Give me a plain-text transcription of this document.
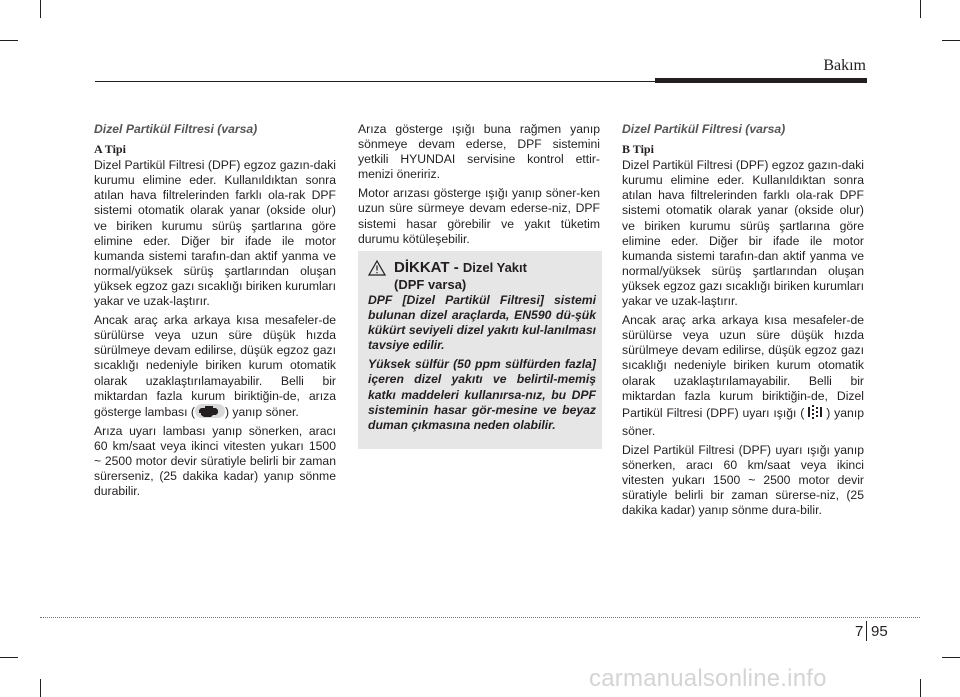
Bakım
Dizel Partikül Filtresi (varsa)
A Tipi

Dizel Partikül Filtresi (DPF) egzoz gazın-daki kurumu elimine eder. Kullanıldıktan sonra atılan hava filtrelerinden farklı ola-rak DPF sistemi otomatik olarak yanar (okside olur) ve biriken kurumu sürüş şartlarına göre elimine eder. Diğer bir ifade ile motor kumanda sistemi tarafın-dan aktif yanma ve normal/yüksek sürüş şartlarından oluşan yüksek egzoz gazı sıcaklığı biriken kurumları yakar ve uzak-laştırır.

Ancak araç arka arkaya kısa mesafeler-de sürülürse veya uzun süre düşük hızda sürülmeye devam edilirse, düşük egzoz gazı sıcaklığı nedeniyle biriken kurum otomatik olarak uzaklaştırılamayabilir. Belli bir miktardan fazla kurum biriktiğin-de, arıza gösterge lambası ( ) yanıp söner.

Arıza uyarı lambası yanıp sönerken, aracı 60 km/saat veya ikinci vitesten yukarı 1500 ~ 2500 motor devir süratiyle belirli bir zaman sürerseniz, (25 dakika kadar) yanıp sönme durabilir.

Arıza gösterge ışığı buna rağmen yanıp sönmeye devam ederse, DPF sistemini yetkili HYUNDAI servisine kontrol ettir-menizi öneririz.

Motor arızası gösterge ışığı yanıp söner-ken uzun süre sürmeye devam ederse-niz, DPF sistemi hasar görebilir ve yakıt tüketim durumu kötüleşebilir.

DİKKAT - Dizel Yakıt
(DPF varsa)

DPF [Dizel Partikül Filtresi] sistemi bulunan dizel araçlarda, EN590 dü-şük kükürt seviyeli dizel yakıtı kul-lanılması tavsiye edilir.

Yüksek sülfür (50 ppm sülfürden fazla] içeren dizel yakıtı ve belirtil-memiş katkı maddeleri kullanırsa-nız, bu DPF sisteminin hasar gör-mesine ve beyaz duman çıkmasına neden olabilir.

Dizel Partikül Filtresi (varsa)
B Tipi

Dizel Partikül Filtresi (DPF) egzoz gazın-daki kurumu elimine eder. Kullanıldıktan sonra atılan hava filtrelerinden farklı ola-rak DPF sistemi otomatik olarak yanar (okside olur) ve biriken kurumu sürüş şartlarına göre elimine eder. Diğer bir ifade ile motor kumanda sistemi tarafın-dan aktif yanma ve normal/yüksek sürüş şartlarından oluşan yüksek egzoz gazı sıcaklığı biriken kurumları yakar ve uzak-laştırır.

Ancak araç arka arkaya kısa mesafeler-de sürülürse veya uzun süre düşük hızda sürülmeye devam edilirse, düşük egzoz gazı sıcaklığı nedeniyle biriken kurum otomatik olarak uzaklaştırılamayabilir. Belli bir miktardan fazla kurum biriktiğin-de, Dizel Partikül Filtresi (DPF) uyarı ışığı ( ) yanıp söner.

Dizel Partikül Filtresi (DPF) uyarı ışığı yanıp sönerken, aracı 60 km/saat veya ikinci vitesten yukarı 1500 ~ 2500 motor devir süratiyle belirli bir zaman sürerse-niz, (25 dakika kadar) yanıp sönme dura-bilir.

7 95
carmanualsonline.info
